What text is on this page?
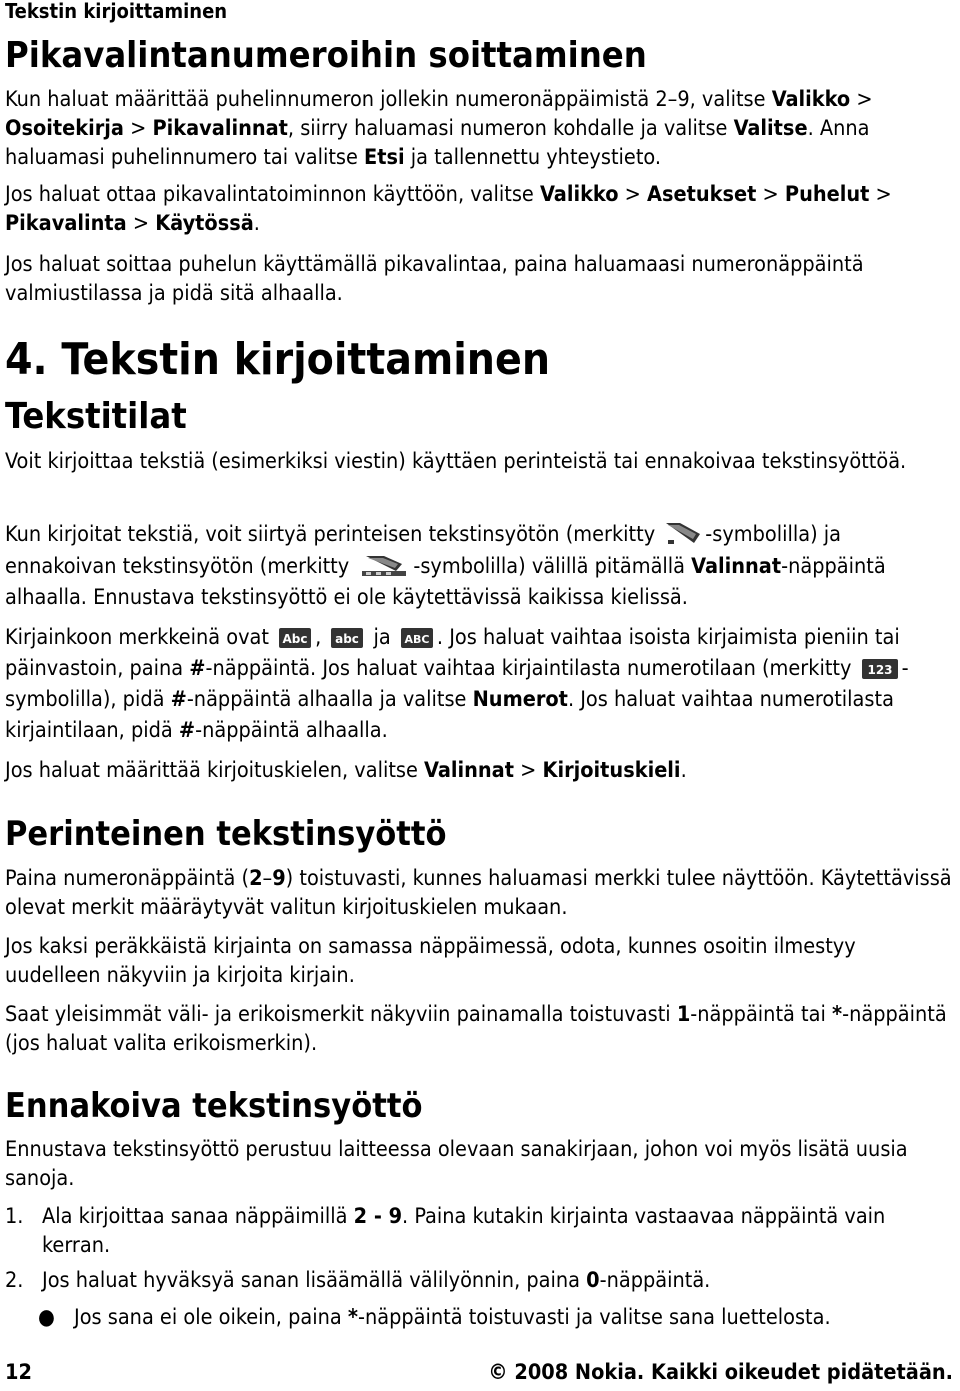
Tekstin kirjoittaminen
Pikavalintanumeroihin soittaminen

Kun haluat määrittää puhelinnumeron jollekin numeronäppäimistä 2–9, valitse Valikko > Osoitekirja > Pikavalinnat, siirry haluamasi numeron kohdalle ja valitse Valitse. Anna haluamasi puhelinnumero tai valitse Etsi ja tallennettu yhteystieto.

Jos haluat ottaa pikavalintatoiminnon käyttöön, valitse Valikko > Asetukset > Puhelut > Pikavalinta > Käytössä.

Jos haluat soittaa puhelun käyttämällä pikavalintaa, paina haluamaasi numeronäppäintä valmiustilassa ja pidä sitä alhaalla.

4. Tekstin kirjoittaminen
Tekstitilat

Voit kirjoittaa tekstiä (esimerkiksi viestin) käyttäen perinteistä tai ennakoivaa tekstinsyöttöä.

Kun kirjoitat tekstiä, voit siirtyä perinteisen tekstinsyötön (merkitty -symbolilla) ja ennakoivan tekstinsyötön (merkitty	-symbolilla) välillä pitämällä Valinnat-näppäintä alhaalla. Ennustava tekstinsyöttö ei ole käytettävissä kaikissa kielissä.

Kirjainkoon merkkeinä ovat Abc , abc ja ABC . Jos haluat vaihtaa isoista kirjaimista pieniin tai päinvastoin, paina #-näppäintä. Jos haluat vaihtaa kirjaintilasta numerotilaan (merkitty 123 -symbolilla), pidä #-näppäintä alhaalla ja valitse Numerot. Jos haluat vaihtaa numerotilasta kirjaintilaan, pidä #-näppäintä alhaalla.

Jos haluat määrittää kirjoituskielen, valitse Valinnat > Kirjoituskieli.

Perinteinen tekstinsyöttö

Paina numeronäppäintä (2–9) toistuvasti, kunnes haluamasi merkki tulee näyttöön. Käytettävissä olevat merkit määräytyvät valitun kirjoituskielen mukaan.

Jos kaksi peräkkäistä kirjainta on samassa näppäimessä, odota, kunnes osoitin ilmestyy uudelleen näkyviin ja kirjoita kirjain.

Saat yleisimmät väli- ja erikoismerkit näkyviin painamalla toistuvasti 1-näppäintä tai *-näppäintä (jos haluat valita erikoismerkin).

Ennakoiva tekstinsyöttö

Ennustava tekstinsyöttö perustuu laitteessa olevaan sanakirjaan, johon voi myös lisätä uusia sanoja.

1. Ala kirjoittaa sanaa näppäimillä 2 - 9. Paina kutakin kirjainta vastaavaa näppäintä vain kerran.
2. Jos haluat hyväksyä sanan lisäämällä välilyönnin, paina 0-näppäintä.
● Jos sana ei ole oikein, paina *-näppäintä toistuvasti ja valitse sana luettelosta.
12	© 2008 Nokia. Kaikki oikeudet pidätetään.
